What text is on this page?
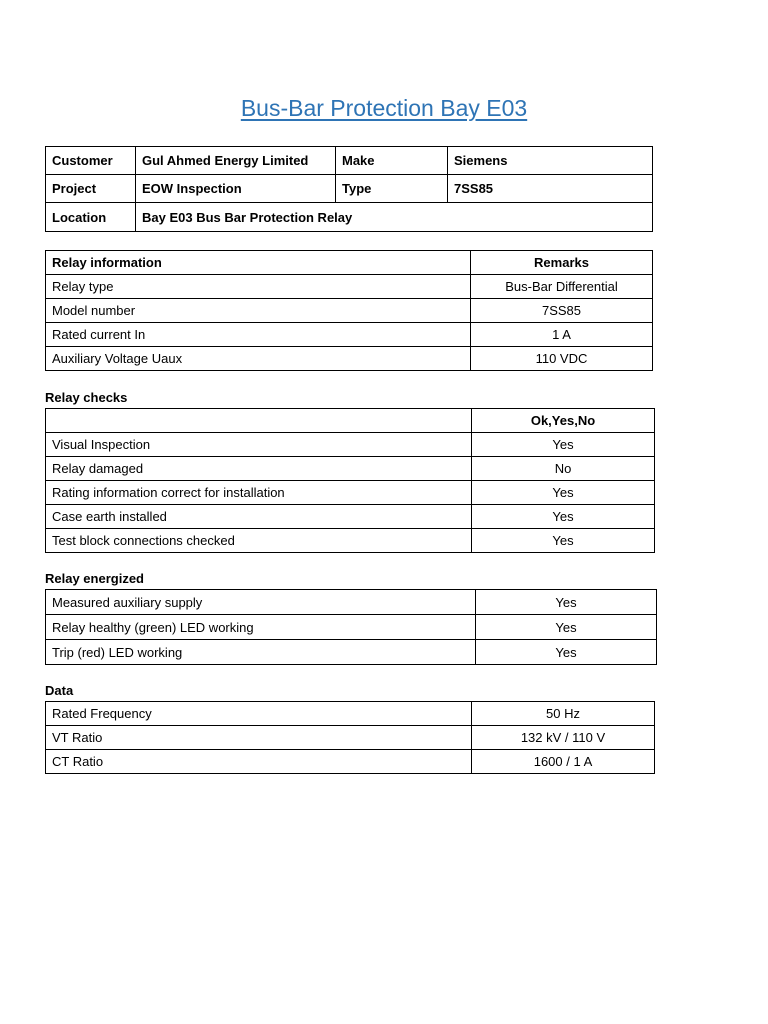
Bus-Bar Protection Bay E03
Customer	Gul Ahmed Energy Limited	Make	Siemens
Project	EOW Inspection	Type	7SS85
Location	Bay E03 Bus Bar Protection Relay		
Relay information	Remarks
Relay type	Bus-Bar Differential
Model number	7SS85
Rated current In	1 A
Auxiliary Voltage Uaux	110 VDC
Relay checks
	Ok,Yes,No
Visual Inspection	Yes
Relay damaged	No
Rating information correct for installation	Yes
Case earth installed	Yes
Test block connections checked	Yes
Relay energized
Measured auxiliary supply	Yes
Relay healthy (green) LED working	Yes
Trip (red) LED working	Yes
Data
Rated Frequency	50 Hz
VT Ratio	132 kV / 110 V
CT Ratio	1600 / 1 A
